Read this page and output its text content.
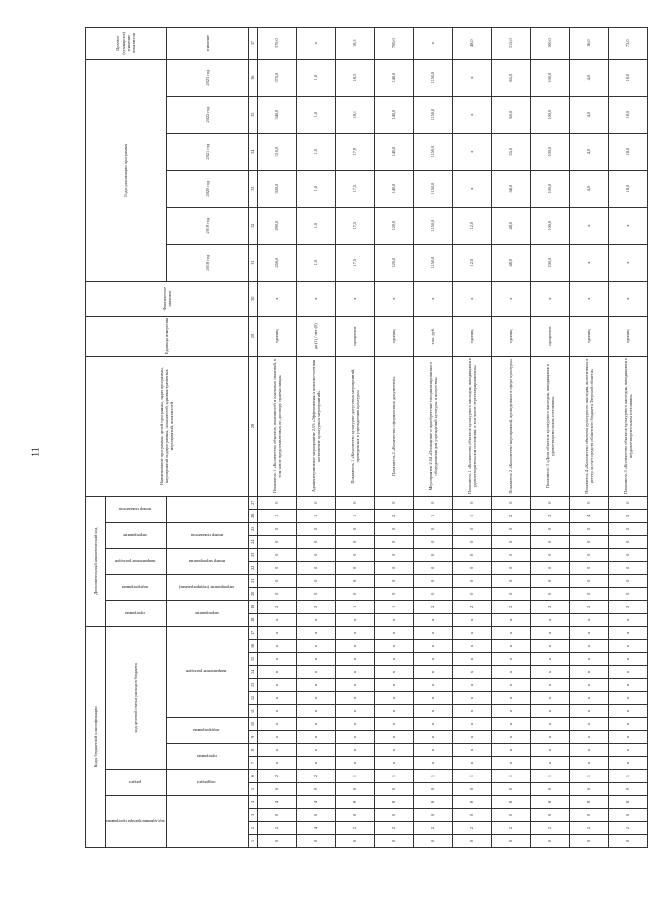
11
Коды бюджетной классификации																	Дополнительный аналитический код										Наименование программы, целей программы, задач программы, мероприятий подпрограммы, показателей, административных мероприятий, показателей	Единица измерения	Фактическое значение	Годы реализации программы						Целевое (суммарное) значение показателя
код администратора программы				раздел		код целевой статьи расходов бюджета											программа		подпрограмма		направление расходов		мероприятие		номер показателя											
				подраздел		программа		подпрограмма		направление расходов							мероприятие		мероприятие (подпрограммы)		номер мероприятия		номер показателя							2018 год	2019 год	2020 год	2021 год	2022 год	2023 год	значение
1	2	3	4	5	6	7	8	9	10	11	12	13	14	15	16	17	18	19	20	21	22	23	24	25	26	27	28	29	30	31	32	33	34	35	36	37
0	2	0	4	0	2	x	x	x	x	x	x	x	x	x	x	x	x	2	0	0	0	0	0	0	1	0	Показатель 1 «Количество объектов, показателей и плановых значений, в том числе предоставленных по договору приема пищи»	единиц	x	250,0	290,0	300,0	310,0	340,0	370,0	370,0
0	4	0	4	0	2	x	x	x	x	x	x	x	x	x	x	x	x	2	0	0	0	0	0	0	1	0	Административное мероприятие 2.03 «Эффективная и планово-плотная исполнение культурных мероприятий»	да (1) / нет (0)	x	1,0	1,0	1,0	1,0	1,0	1,0	x
0	2	0	8	0	1	x	x	x	x	x	x	x	x	x	x	x	x	1	0	0	0	0	0	0	1	0	Показатель 1 «Количество культурно-досуговых мероприятий, проведенных в учреждениях культуры»	процентов	x	17,5	17,5	17,5	17,9	18,1	18,3	18,3
0	2	0	8	0	1	x	x	x	x	x	x	x	x	x	x	x	x	1	0	0	0	0	0	0	2	0	Показатель 2 «Количество оформленных документов»	единиц	x	120,0	120,0	140,0	140,0	140,0	140,0	700,0
0	2	0	8	0	1	x	x	x	x	x	x	x	x	x	x	x	x	2	0	0	0	0	0	0	1	0	Мероприятие 2.04 «Оснащение и приобретение специализированного оборудования для учреждений культуры и искусства»	тыс. руб.	x	1150,0	1150,0	1150,0	1150,0	1150,0	1150,0	x
0	2	0	8	0	1	x	x	x	x	x	x	x	x	x	x	x	x	2	0	0	0	0	0	0	1	0	Показатель 1 «Количество объектов культурного наследия, находящихся в удовлетворительном состоянии, в том числе отреставрированных»	единиц	x	12,0	12,0	x	x	x	x	48,0
0	2	0	8	0	1	x	x	x	x	x	x	x	x	x	x	x	x	2	0	0	0	0	0	0	2	0	Показатель 2 «Количество мероприятий, проведенных в сфере культуры»	единиц	x	48,0	48,0	56,0	55,0	60,0	65,0	315,0
0	2	0	8	0	1	x	x	x	x	x	x	x	x	x	x	x	x	2	0	0	0	0	0	0	3	0	Показатель 3 «Доля объектов культурного наследия, находящихся в удовлетворительном состоянии»	процентов	x	100,0	100,0	100,0	100,0	100,0	100,0	100,0
0	2	0	8	0	1	x	x	x	x	x	x	x	x	x	x	x	x	2	0	0	0	0	0	0	4	0	Показатель 4 «Количество объектов культурного наследия, включенных в реестр за счет средств областного бюджета Тверской области»	единиц	x	x	x	4,0	4,0	4,0	4,0	16,0
0	2	0	8	0	1	x	x	x	x	x	x	x	x	x	x	x	x	2	0	0	0	0	0	0	5	0	Показатель 5 «Количество объектов культурного наследия, находящихся в неудовлетворительном состоянии»	единиц	x	x	x	18,0	18,0	18,0	18,0	72,0
